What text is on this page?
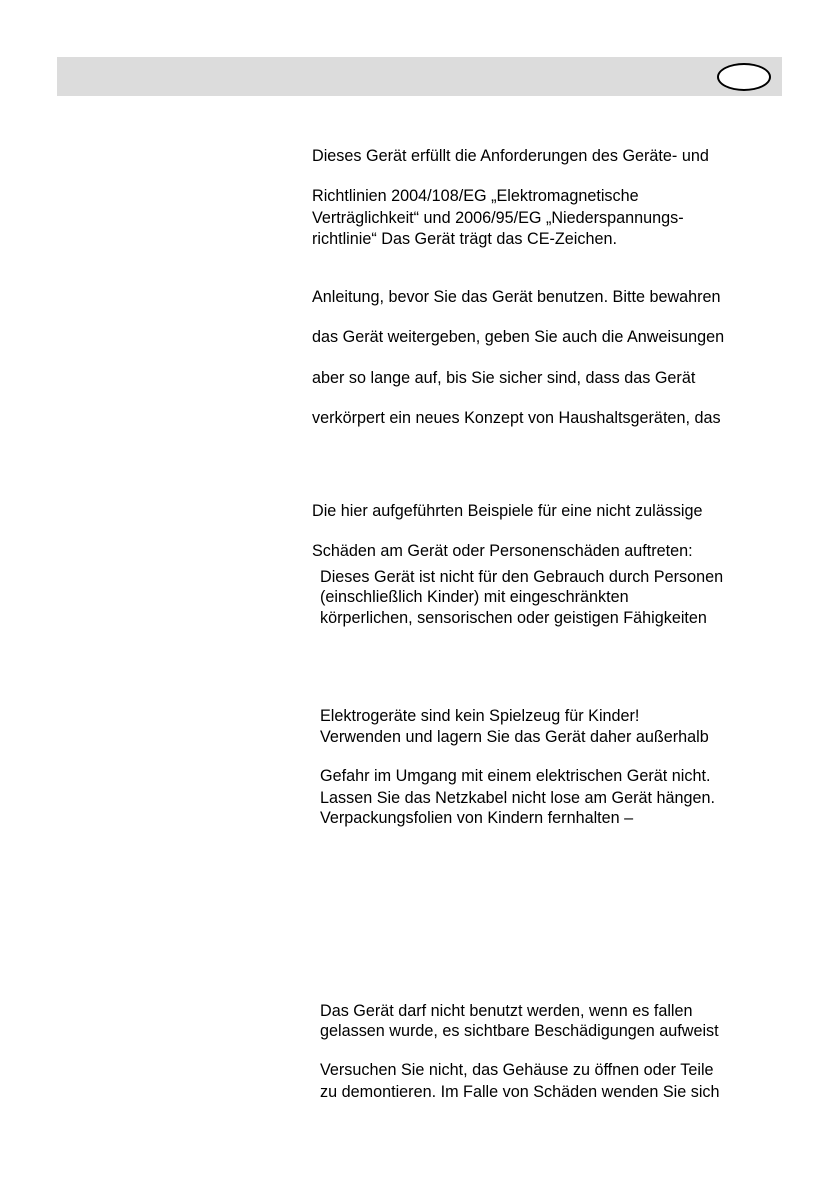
Dieses Gerät erfüllt die Anforderungen des Geräte- und

Richtlinien 2004/108/EG „Elektromagnetische

Verträglichkeit“ und 2006/95/EG „Niederspannungs-

richtlinie“ Das Gerät trägt das CE-Zeichen.

Anleitung, bevor Sie das Gerät benutzen. Bitte bewahren

das Gerät weitergeben, geben Sie auch die Anweisungen

aber so lange auf, bis Sie sicher sind, dass das Gerät

verkörpert ein neues Konzept von Haushaltsgeräten, das

Die hier aufgeführten Beispiele für eine nicht zulässige

Schäden am Gerät oder Personenschäden auftreten:

Dieses Gerät ist nicht für den Gebrauch durch Personen

(einschließlich Kinder) mit eingeschränkten

körperlichen, sensorischen oder geistigen Fähigkeiten

Elektrogeräte sind kein Spielzeug für Kinder!

Verwenden und lagern Sie das Gerät daher außerhalb

Gefahr im Umgang mit einem elektrischen Gerät nicht.

Lassen Sie das Netzkabel nicht lose am Gerät hängen.

Verpackungsfolien von Kindern fernhalten –

Das Gerät darf nicht benutzt werden, wenn es fallen

gelassen wurde, es sichtbare Beschädigungen aufweist

Versuchen Sie nicht, das Gehäuse zu öffnen oder Teile

zu demontieren. Im Falle von Schäden wenden Sie sich
